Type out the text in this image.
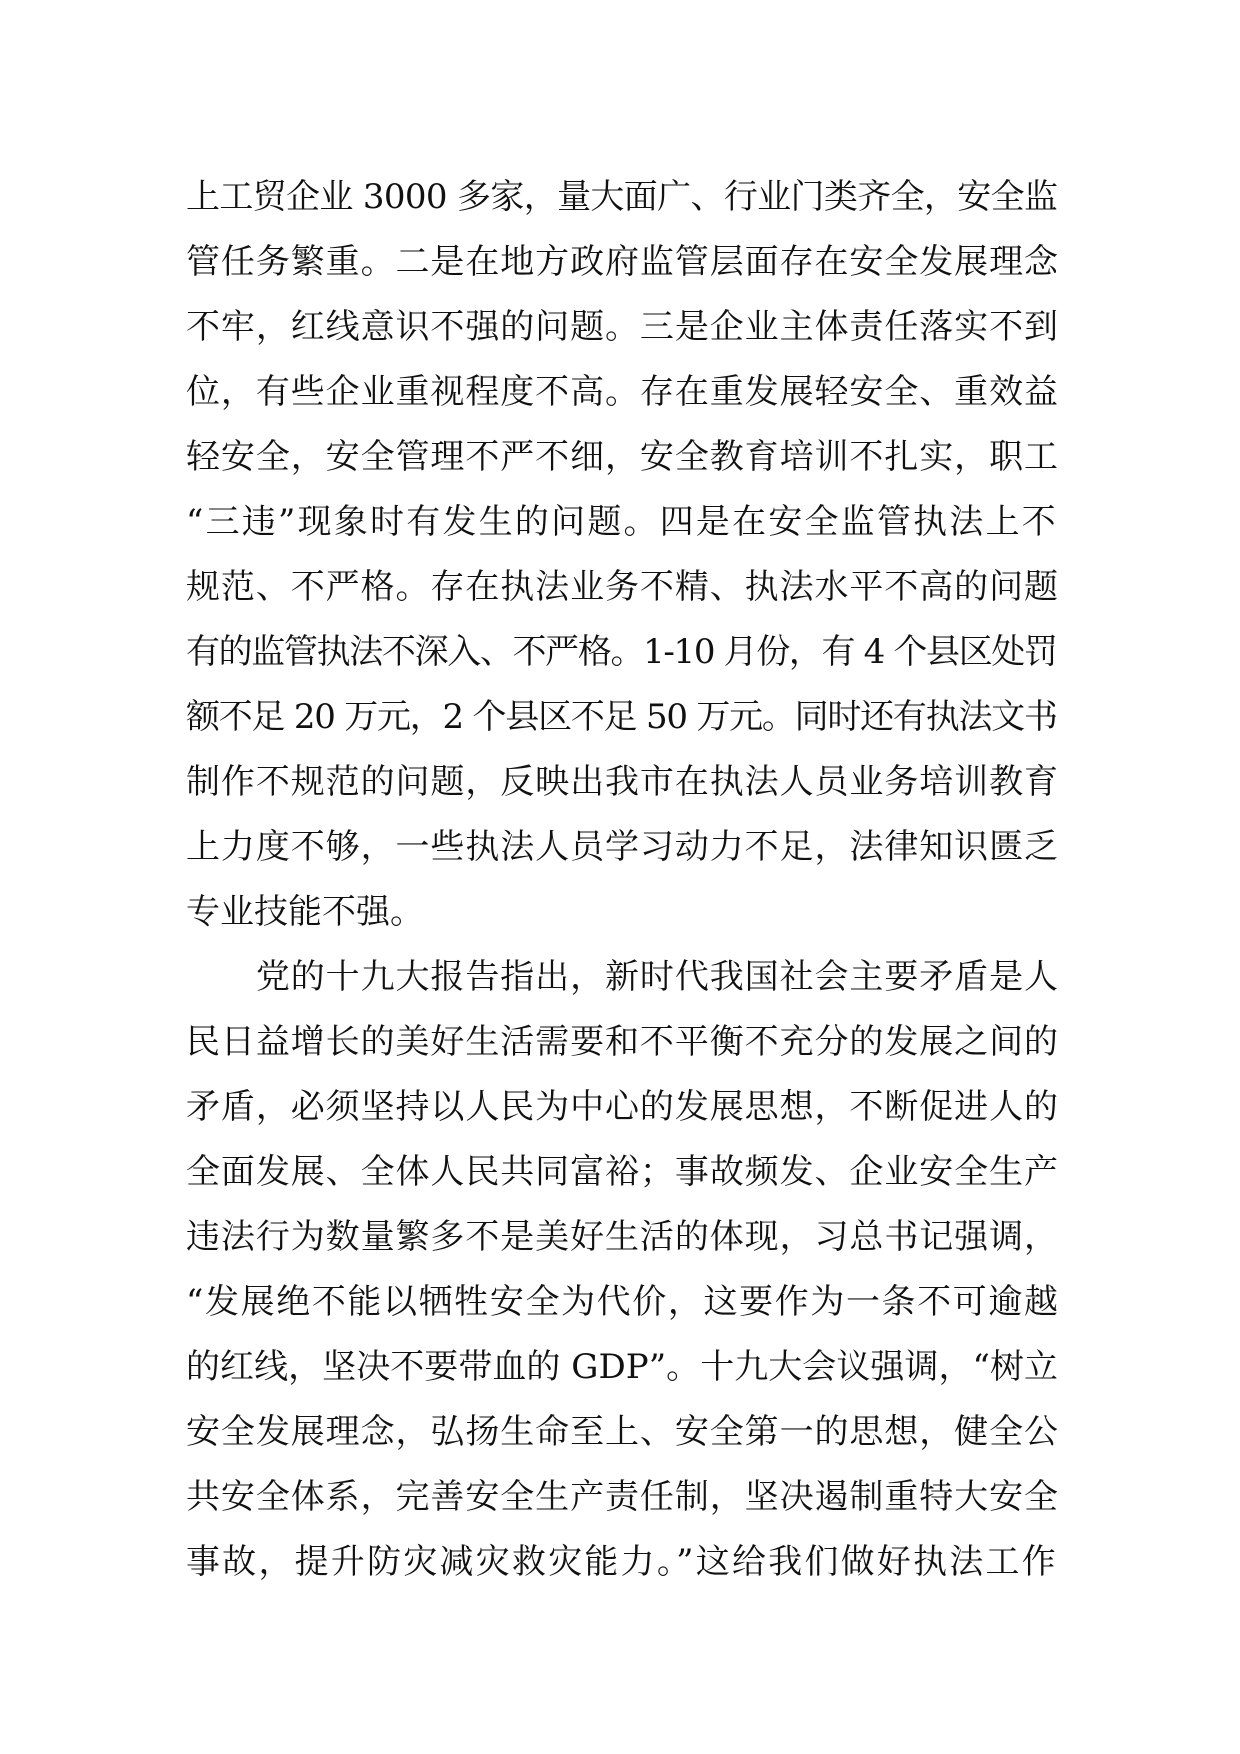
上工贸企业 3000 多家，量大面广、行业门类齐全，安全监
管任务繁重。二是在地方政府监管层面存在安全发展理念
不牢，红线意识不强的问题。三是企业主体责任落实不到
位，有些企业重视程度不高。存在重发展轻安全、重效益
轻安全，安全管理不严不细，安全教育培训不扎实，职工
“三违”现象时有发生的问题。四是在安全监管执法上不
规范、不严格。存在执法业务不精、执法水平不高的问题
有的监管执法不深入、不严格。1-10 月份，有 4 个县区处罚
额不足 20 万元，2 个县区不足 50 万元。同时还有执法文书
制作不规范的问题，反映出我市在执法人员业务培训教育
上力度不够，一些执法人员学习动力不足，法律知识匮乏
专业技能不强。
　　党的十九大报告指出，新时代我国社会主要矛盾是人
民日益增长的美好生活需要和不平衡不充分的发展之间的
矛盾，必须坚持以人民为中心的发展思想，不断促进人的
全面发展、全体人民共同富裕；事故频发、企业安全生产
违法行为数量繁多不是美好生活的体现，习总书记强调，
“发展绝不能以牺牲安全为代价，这要作为一条不可逾越
的红线，坚决不要带血的 GDP”。十九大会议强调，“树立
安全发展理念，弘扬生命至上、安全第一的思想，健全公
共安全体系，完善安全生产责任制，坚决遏制重特大安全
事故，提升防灾减灾救灾能力。”这给我们做好执法工作
